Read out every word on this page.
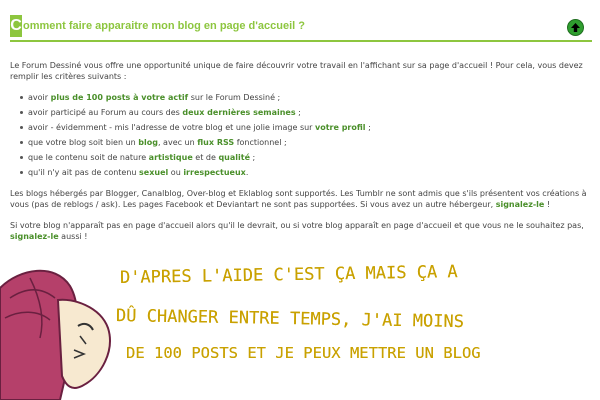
C omment faire apparaitre mon blog en page d'accueil ?

Le Forum Dessiné vous offre une opportunité unique de faire découvrir votre travail en l'affichant sur sa page d'accueil ! Pour cela, vous devez remplir les critères suivants :

avoir plus de 100 posts à votre actif sur le Forum Dessiné ;
avoir participé au Forum au cours des deux dernières semaines ;
avoir - évidemment - mis l'adresse de votre blog et une jolie image sur votre profil ;
que votre blog soit bien un blog, avec un flux RSS fonctionnel ;
que le contenu soit de nature artistique et de qualité ;
qu'il n'y ait pas de contenu sexuel ou irrespectueux.

Les blogs hébergés par Blogger, Canalblog, Over-blog et Eklablog sont supportés. Les Tumblr ne sont admis que s'ils présentent vos créations à vous (pas de reblogs / ask). Les pages Facebook et Deviantart ne sont pas supportées. Si vous avez un autre hébergeur, signalez-le !

Si votre blog n'apparaît pas en page d'accueil alors qu'il le devrait, ou si votre blog apparaît en page d'accueil et que vous ne le souhaitez pas, signalez-le aussi !

D'APRES L'AIDE C'EST ÇA MAIS ÇA A
DÛ CHANGER ENTRE TEMPS, J'AI MOINS
DE 100 POSTS ET JE PEUX METTRE UN BLOG
